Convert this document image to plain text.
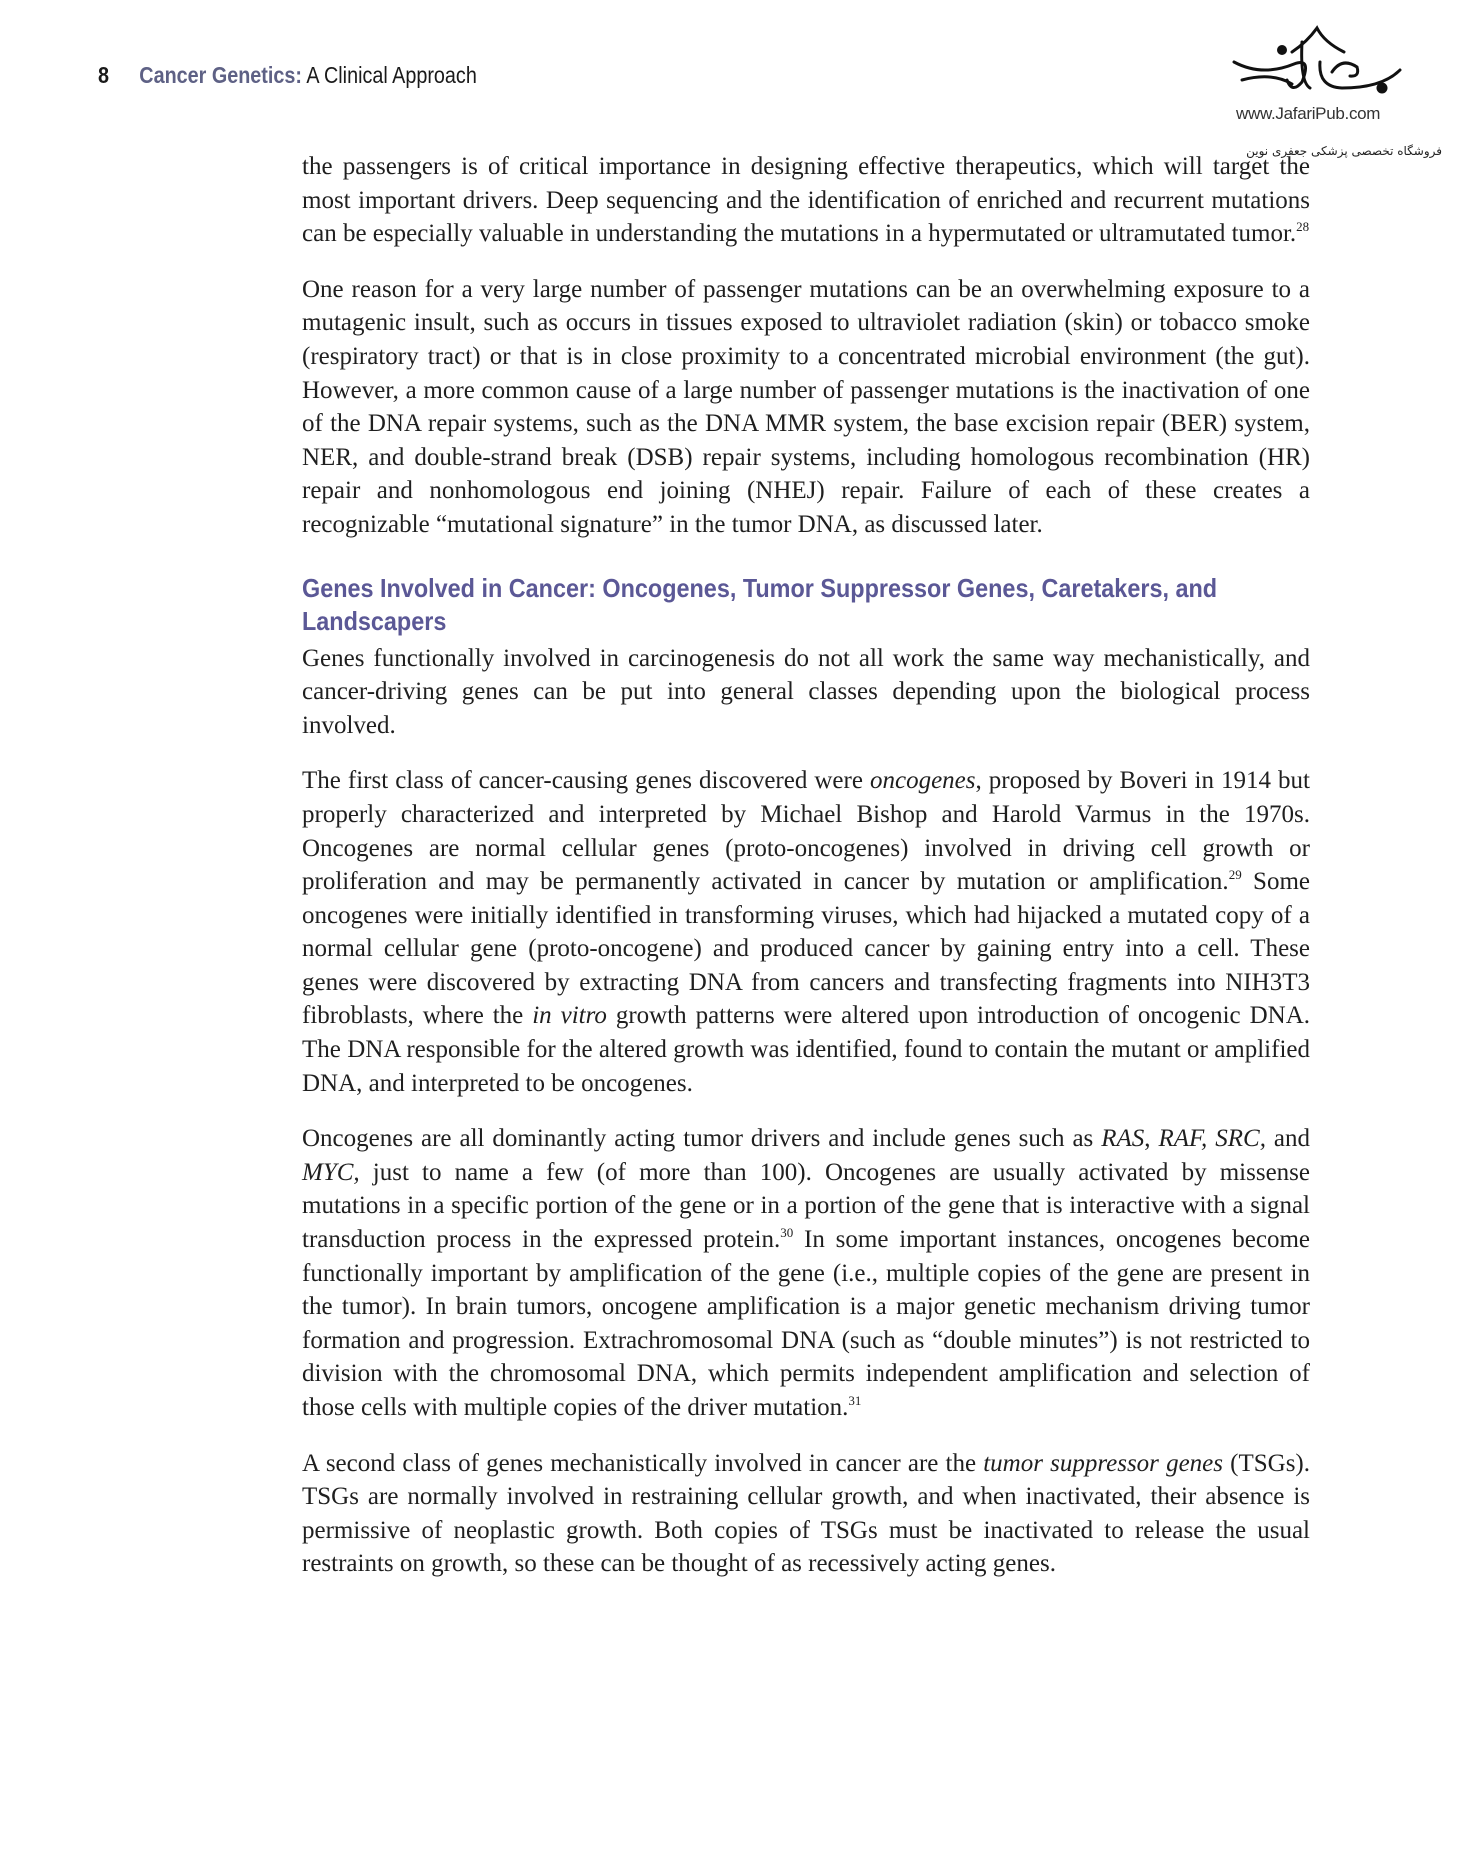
8 Cancer Genetics: A Clinical Approach
www.JafariPub.com
فروشگاه تخصصی پزشکی جعفری نوین

the passengers is of critical importance in designing effective therapeutics, which will target the most important drivers. Deep sequencing and the identification of enriched and recurrent mutations can be especially valuable in understanding the mutations in a hypermutated or ultramutated tumor.$^{28}$

One reason for a very large number of passenger mutations can be an overwhelming exposure to a mutagenic insult, such as occurs in tissues exposed to ultraviolet radiation (skin) or tobacco smoke (respiratory tract) or that is in close proximity to a concentrated microbial environment (the gut). However, a more common cause of a large number of passenger mutations is the inactivation of one of the DNA repair systems, such as the DNA MMR system, the base excision repair (BER) system, NER, and double-strand break (DSB) repair systems, including homologous recombination (HR) repair and nonhomologous end joining (NHEJ) repair. Failure of each of these creates a recognizable “mutational signature” in the tumor DNA, as discussed later.

Genes Involved in Cancer: Oncogenes, Tumor Suppressor Genes, Caretakers, and Landscapers

Genes functionally involved in carcinogenesis do not all work the same way mechanistically, and cancer-driving genes can be put into general classes depending upon the biological process involved.

The first class of cancer-causing genes discovered were oncogenes, proposed by Boveri in 1914 but properly characterized and interpreted by Michael Bishop and Harold Varmus in the 1970s. Oncogenes are normal cellular genes (proto-oncogenes) involved in driving cell growth or proliferation and may be permanently activated in cancer by mutation or amplification.$^{29}$ Some oncogenes were initially identified in transforming viruses, which had hijacked a mutated copy of a normal cellular gene (proto-oncogene) and produced cancer by gaining entry into a cell. These genes were discovered by extracting DNA from cancers and transfecting fragments into NIH3T3 fibroblasts, where the in vitro growth patterns were altered upon introduction of oncogenic DNA. The DNA responsible for the altered growth was identified, found to contain the mutant or amplified DNA, and interpreted to be oncogenes.

Oncogenes are all dominantly acting tumor drivers and include genes such as RAS, RAF, SRC, and MYC, just to name a few (of more than 100). Oncogenes are usually activated by missense mutations in a specific portion of the gene or in a portion of the gene that is interactive with a signal transduction process in the expressed protein.$^{30}$ In some important instances, oncogenes become functionally important by amplification of the gene (i.e., multiple copies of the gene are present in the tumor). In brain tumors, oncogene amplification is a major genetic mechanism driving tumor formation and progression. Extrachromosomal DNA (such as “double minutes”) is not restricted to division with the chromosomal DNA, which permits independent amplification and selection of those cells with multiple copies of the driver mutation.$^{31}$

A second class of genes mechanistically involved in cancer are the tumor suppressor genes (TSGs). TSGs are normally involved in restraining cellular growth, and when inactivated, their absence is permissive of neoplastic growth. Both copies of TSGs must be inactivated to release the usual restraints on growth, so these can be thought of as recessively acting genes.
